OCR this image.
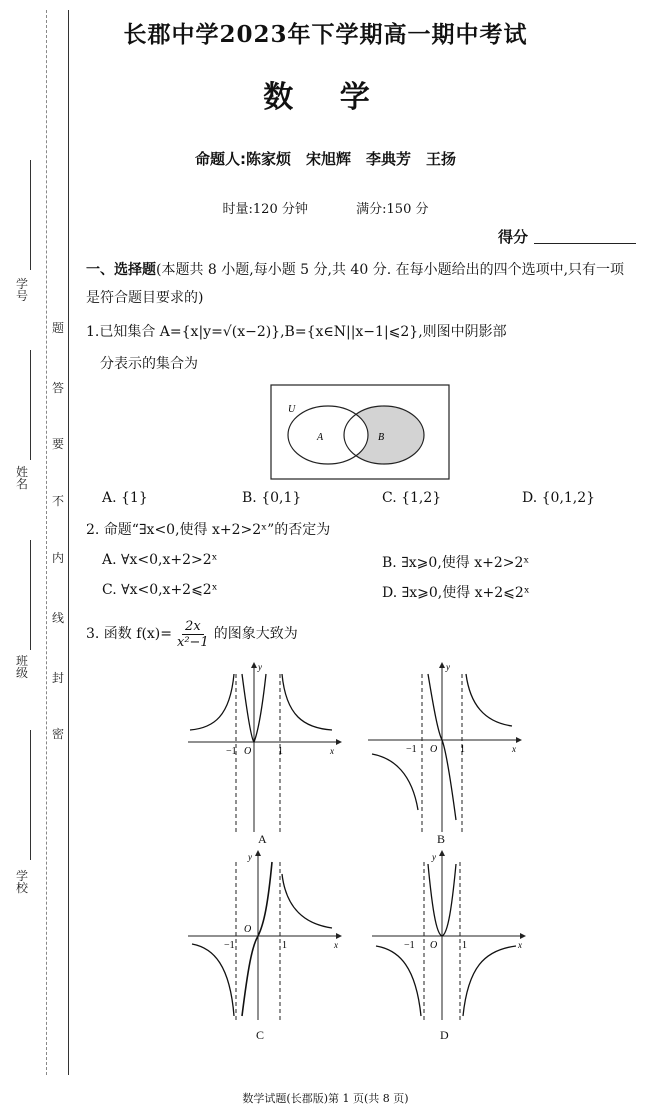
学 号
姓 名
班 级
学 校
题
答
要
不
内
线
封
密
长郡中学2023年下学期高一期中考试
数 学
命题人:陈家烦　宋旭辉　李典芳　王扬
时量:120 分钟	满分:150 分
得分
一、选择题(本题共 8 小题,每小题 5 分,共 40 分. 在每小题给出的四个选项中,只有一项是符合题目要求的)
1.已知集合 A={x|y=√(x−2)},B={x∈N||x−1|⩽2},则图中阴影部
分表示的集合为
U
A	B
A. {1}	B. {0,1}	C. {1,2}	D. {0,1,2}
2. 命题“∃x<0,使得 x+2>2ˣ”的否定为
A. ∀x<0,x+2>2ˣ	B. ∃x⩾0,使得 x+2>2ˣ
C. ∀x<0,x+2⩽2ˣ	D. ∃x⩾0,使得 x+2⩽2ˣ
3. 函数 $f(x)= \frac{2x}{\text{x²−1}}$ 的图象大致为
−1 O	1	x
y
A
−1 O 1	x
y
B
−1
O
1	x
y
C
−1 O 1	x
y
D
数学试题(长郡版)第 1 页(共 8 页)
